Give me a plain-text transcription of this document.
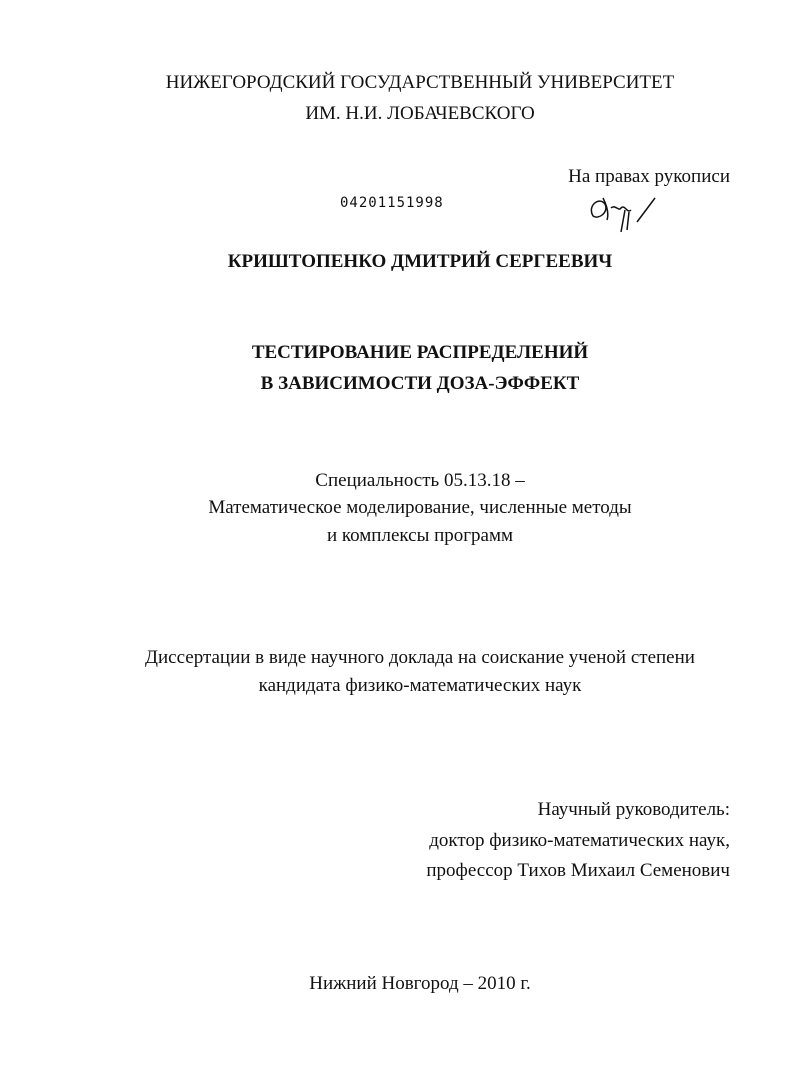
НИЖЕГОРОДСКИЙ ГОСУДАРСТВЕННЫЙ УНИВЕРСИТЕТ
ИМ. Н.И. ЛОБАЧЕВСКОГО
На правах рукописи
04201151998
КРИШТОПЕНКО ДМИТРИЙ СЕРГЕЕВИЧ
ТЕСТИРОВАНИЕ РАСПРЕДЕЛЕНИЙ
В ЗАВИСИМОСТИ ДОЗА-ЭФФЕКТ
Специальность 05.13.18 –
Математическое моделирование, численные методы
и комплексы программ
Диссертации в виде научного доклада на соискание ученой степени
кандидата физико-математических наук
Научный руководитель:
доктор физико-математических наук,
профессор Тихов Михаил Семенович
Нижний Новгород – 2010 г.
